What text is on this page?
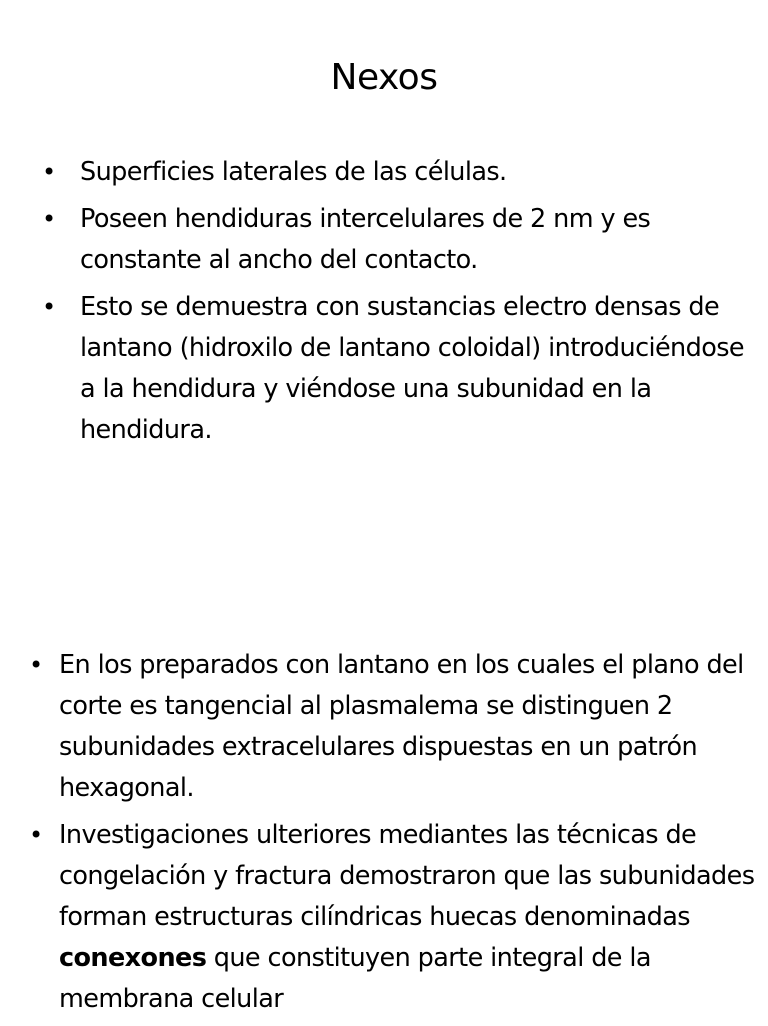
Nexos
• Superficies laterales de las células.
• Poseen hendiduras intercelulares de 2 nm y es constante al ancho del contacto.
• Esto se demuestra con sustancias electro densas de lantano (hidroxilo de lantano coloidal) introduciéndose a la hendidura y viéndose una subunidad en la hendidura.
• En los preparados con lantano en los cuales el plano del corte es tangencial al plasmalema se distinguen 2 subunidades extracelulares dispuestas en un patrón hexagonal.
• Investigaciones ulteriores mediantes las técnicas de congelación y fractura demostraron que las subunidades forman estructuras cilíndricas huecas denominadas conexones que constituyen parte integral de la membrana celular
